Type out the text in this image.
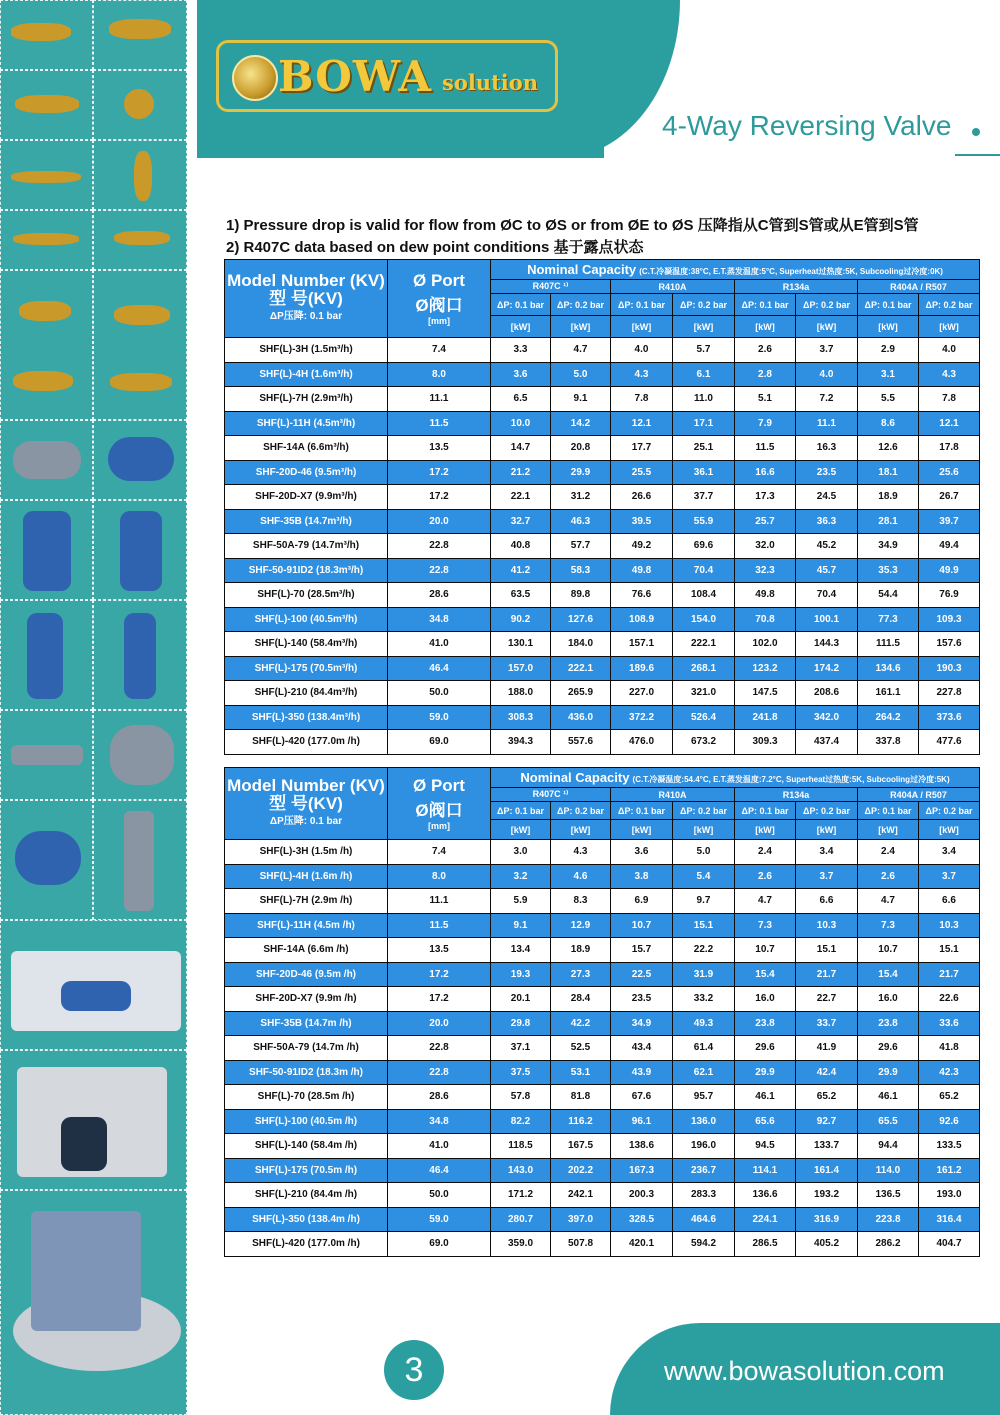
BOWA solution
4-Way Reversing Valve
1) Pressure drop is valid for flow from ØC to ØS or from ØE to ØS 压降指从C管到S管或从E管到S管
2) R407C data based on dew point conditions 基于露点状态
Model Number (KV)
型 号(KV)
ΔP压降: 0.1 bar	Ø Port
Ø阀口
[mm]	Nominal Capacity (C.T.冷凝温度:38°C, E.T.蒸发温度:5°C, Superheat过热度:5K, Subcooling过冷度:0K)							
		R407C ¹⁾		R410A		R134a		R404A / R507	
		ΔP: 0.1 bar	ΔP: 0.2 bar	ΔP: 0.1 bar	ΔP: 0.2 bar	ΔP: 0.1 bar	ΔP: 0.2 bar	ΔP: 0.1 bar	ΔP: 0.2 bar
		[kW]	[kW]	[kW]	[kW]	[kW]	[kW]	[kW]	[kW]
SHF(L)-3H (1.5m³/h)	7.4	3.3	4.7	4.0	5.7	2.6	3.7	2.9	4.0
SHF(L)-4H (1.6m³/h)	8.0	3.6	5.0	4.3	6.1	2.8	4.0	3.1	4.3
SHF(L)-7H (2.9m³/h)	11.1	6.5	9.1	7.8	11.0	5.1	7.2	5.5	7.8
SHF(L)-11H (4.5m³/h)	11.5	10.0	14.2	12.1	17.1	7.9	11.1	8.6	12.1
SHF-14A (6.6m³/h)	13.5	14.7	20.8	17.7	25.1	11.5	16.3	12.6	17.8
SHF-20D-46 (9.5m³/h)	17.2	21.2	29.9	25.5	36.1	16.6	23.5	18.1	25.6
SHF-20D-X7 (9.9m³/h)	17.2	22.1	31.2	26.6	37.7	17.3	24.5	18.9	26.7
SHF-35B (14.7m³/h)	20.0	32.7	46.3	39.5	55.9	25.7	36.3	28.1	39.7
SHF-50A-79 (14.7m³/h)	22.8	40.8	57.7	49.2	69.6	32.0	45.2	34.9	49.4
SHF-50-91ID2 (18.3m³/h)	22.8	41.2	58.3	49.8	70.4	32.3	45.7	35.3	49.9
SHF(L)-70 (28.5m³/h)	28.6	63.5	89.8	76.6	108.4	49.8	70.4	54.4	76.9
SHF(L)-100 (40.5m³/h)	34.8	90.2	127.6	108.9	154.0	70.8	100.1	77.3	109.3
SHF(L)-140 (58.4m³/h)	41.0	130.1	184.0	157.1	222.1	102.0	144.3	111.5	157.6
SHF(L)-175 (70.5m³/h)	46.4	157.0	222.1	189.6	268.1	123.2	174.2	134.6	190.3
SHF(L)-210 (84.4m³/h)	50.0	188.0	265.9	227.0	321.0	147.5	208.6	161.1	227.8
SHF(L)-350 (138.4m³/h)	59.0	308.3	436.0	372.2	526.4	241.8	342.0	264.2	373.6
SHF(L)-420 (177.0m /h)	69.0	394.3	557.6	476.0	673.2	309.3	437.4	337.8	477.6
Model Number (KV)
型 号(KV)
ΔP压降: 0.1 bar	Ø Port
Ø阀口
[mm]	Nominal Capacity (C.T.冷凝温度:54.4°C, E.T.蒸发温度:7.2°C, Superheat过热度:5K, Subcooling过冷度:5K)							
		R407C ¹⁾		R410A		R134a		R404A / R507	
		ΔP: 0.1 bar	ΔP: 0.2 bar	ΔP: 0.1 bar	ΔP: 0.2 bar	ΔP: 0.1 bar	ΔP: 0.2 bar	ΔP: 0.1 bar	ΔP: 0.2 bar
		[kW]	[kW]	[kW]	[kW]	[kW]	[kW]	[kW]	[kW]
SHF(L)-3H (1.5m /h)	7.4	3.0	4.3	3.6	5.0	2.4	3.4	2.4	3.4
SHF(L)-4H (1.6m /h)	8.0	3.2	4.6	3.8	5.4	2.6	3.7	2.6	3.7
SHF(L)-7H (2.9m /h)	11.1	5.9	8.3	6.9	9.7	4.7	6.6	4.7	6.6
SHF(L)-11H (4.5m /h)	11.5	9.1	12.9	10.7	15.1	7.3	10.3	7.3	10.3
SHF-14A (6.6m /h)	13.5	13.4	18.9	15.7	22.2	10.7	15.1	10.7	15.1
SHF-20D-46 (9.5m /h)	17.2	19.3	27.3	22.5	31.9	15.4	21.7	15.4	21.7
SHF-20D-X7 (9.9m /h)	17.2	20.1	28.4	23.5	33.2	16.0	22.7	16.0	22.6
SHF-35B (14.7m /h)	20.0	29.8	42.2	34.9	49.3	23.8	33.7	23.8	33.6
SHF-50A-79 (14.7m /h)	22.8	37.1	52.5	43.4	61.4	29.6	41.9	29.6	41.8
SHF-50-91ID2 (18.3m /h)	22.8	37.5	53.1	43.9	62.1	29.9	42.4	29.9	42.3
SHF(L)-70 (28.5m /h)	28.6	57.8	81.8	67.6	95.7	46.1	65.2	46.1	65.2
SHF(L)-100 (40.5m /h)	34.8	82.2	116.2	96.1	136.0	65.6	92.7	65.5	92.6
SHF(L)-140 (58.4m /h)	41.0	118.5	167.5	138.6	196.0	94.5	133.7	94.4	133.5
SHF(L)-175 (70.5m /h)	46.4	143.0	202.2	167.3	236.7	114.1	161.4	114.0	161.2
SHF(L)-210 (84.4m /h)	50.0	171.2	242.1	200.3	283.3	136.6	193.2	136.5	193.0
SHF(L)-350 (138.4m /h)	59.0	280.7	397.0	328.5	464.6	224.1	316.9	223.8	316.4
SHF(L)-420 (177.0m /h)	69.0	359.0	507.8	420.1	594.2	286.5	405.2	286.2	404.7
3	www.bowasolution.com
